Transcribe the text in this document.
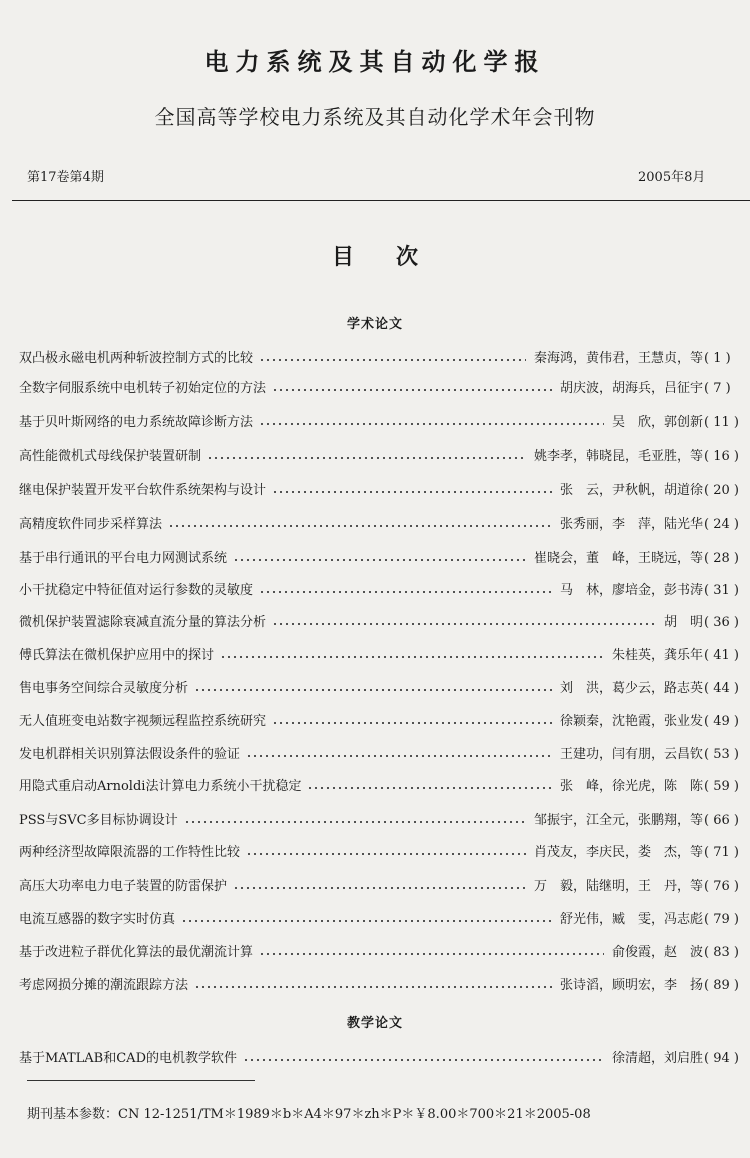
电力系统及其自动化学报
全国高等学校电力系统及其自动化学术年会刊物
第17卷第4期	2005年8月
目次
学术论文
双凸极永磁电机两种斩波控制方式的比较	秦海鸿，黄伟君，王慧贞，等 ( 1 )
全数字伺服系统中电机转子初始定位的方法	胡庆波，胡海兵，吕征宇 ( 7 )
基于贝叶斯网络的电力系统故障诊断方法	吴　欣，郭创新 ( 11 )
高性能微机式母线保护装置研制	姚李孝，韩晓昆，毛亚胜，等 ( 16 )
继电保护装置开发平台软件系统架构与设计	张　云，尹秋帆，胡道徐 ( 20 )
高精度软件同步采样算法	张秀丽，李　萍，陆光华 ( 24 )
基于串行通讯的平台电力网测试系统	崔晓会，董　峰，王晓远，等 ( 28 )
小干扰稳定中特征值对运行参数的灵敏度	马　林，廖培金，彭书涛 ( 31 )
微机保护装置滤除衰减直流分量的算法分析	胡　明 ( 36 )
傅氏算法在微机保护应用中的探讨	朱桂英，龚乐年 ( 41 )
售电事务空间综合灵敏度分析	刘　洪，葛少云，路志英 ( 44 )
无人值班变电站数字视频远程监控系统研究	徐颖秦，沈艳霞，张业发 ( 49 )
发电机群相关识别算法假设条件的验证	王建功，闫有朋，云昌钦 ( 53 )
用隐式重启动Arnoldi法计算电力系统小干扰稳定	张　峰，徐光虎，陈　陈 ( 59 )
PSS与SVC多目标协调设计	邹振宇，江全元，张鹏翔，等 ( 66 )
两种经济型故障限流器的工作特性比较	肖茂友，李庆民，娄　杰，等 ( 71 )
高压大功率电力电子装置的防雷保护	万　毅，陆继明，王　丹，等 ( 76 )
电流互感器的数字实时仿真	舒光伟，臧　雯，冯志彪 ( 79 )
基于改进粒子群优化算法的最优潮流计算	俞俊霞，赵　波 ( 83 )
考虑网损分摊的潮流跟踪方法	张诗滔，顾明宏，李　扬 ( 89 )
教学论文
基于MATLAB和CAD的电机教学软件	徐清超，刘启胜 ( 94 )
期刊基本参数：CN 12-1251/TM＊1989＊b＊A4＊97＊zh＊P＊￥8.00＊700＊21＊2005-08
